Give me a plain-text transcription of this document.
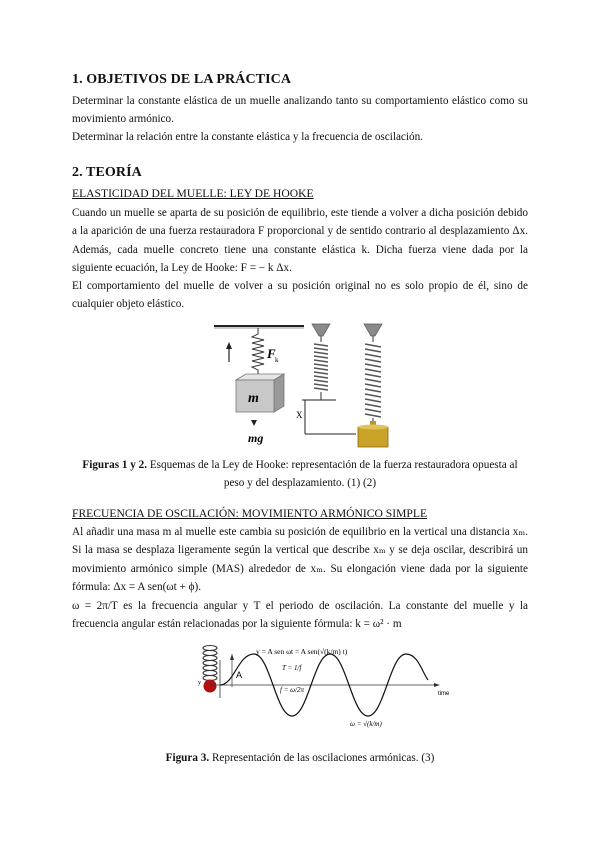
1. OBJETIVOS DE LA PRÁCTICA
Determinar la constante elástica de un muelle analizando tanto su comportamiento elástico como su movimiento armónico.
Determinar la relación entre la constante elástica y la frecuencia de oscilación.
2. TEORÍA
ELASTICIDAD DEL MUELLE: LEY DE HOOKE
Cuando un muelle se aparta de su posición de equilibrio, este tiende a volver a dicha posición debido a la aparición de una fuerza restauradora F proporcional y de sentido contrario al desplazamiento Δx. Además, cada muelle concreto tiene una constante elástica k. Dicha fuerza viene dada por la siguiente ecuación, la Ley de Hooke: F = − k Δx.
El comportamiento del muelle de volver a su posición original no es solo propio de él, sino de cualquier objeto elástico.
F k
m
mg
X
Figuras 1 y 2. Esquemas de la Ley de Hooke: representación de la fuerza restauradora opuesta al peso y del desplazamiento. (1) (2)
FRECUENCIA DE OSCILACIÓN: MOVIMIENTO ARMÓNICO SIMPLE
Al añadir una masa m al muelle este cambia su posición de equilibrio en la vertical una distancia xₘ. Si la masa se desplaza ligeramente según la vertical que describe xₘ y se deja oscilar, describirá un movimiento armónico simple (MAS) alrededor de xₘ. Su elongación viene dada por la siguiente fórmula: Δx = A sen(ωt + ϕ).
ω = 2π/T es la frecuencia angular y T el periodo de oscilación. La constante del muelle y la frecuencia angular están relacionadas por la siguiente fórmula: k = ω² · m
y = A sen ωt = A sen(√(k/m) t)
y
A
T = 1/f
f = ω/2π
ω = √(k/m)
time
Figura 3. Representación de las oscilaciones armónicas. (3)
